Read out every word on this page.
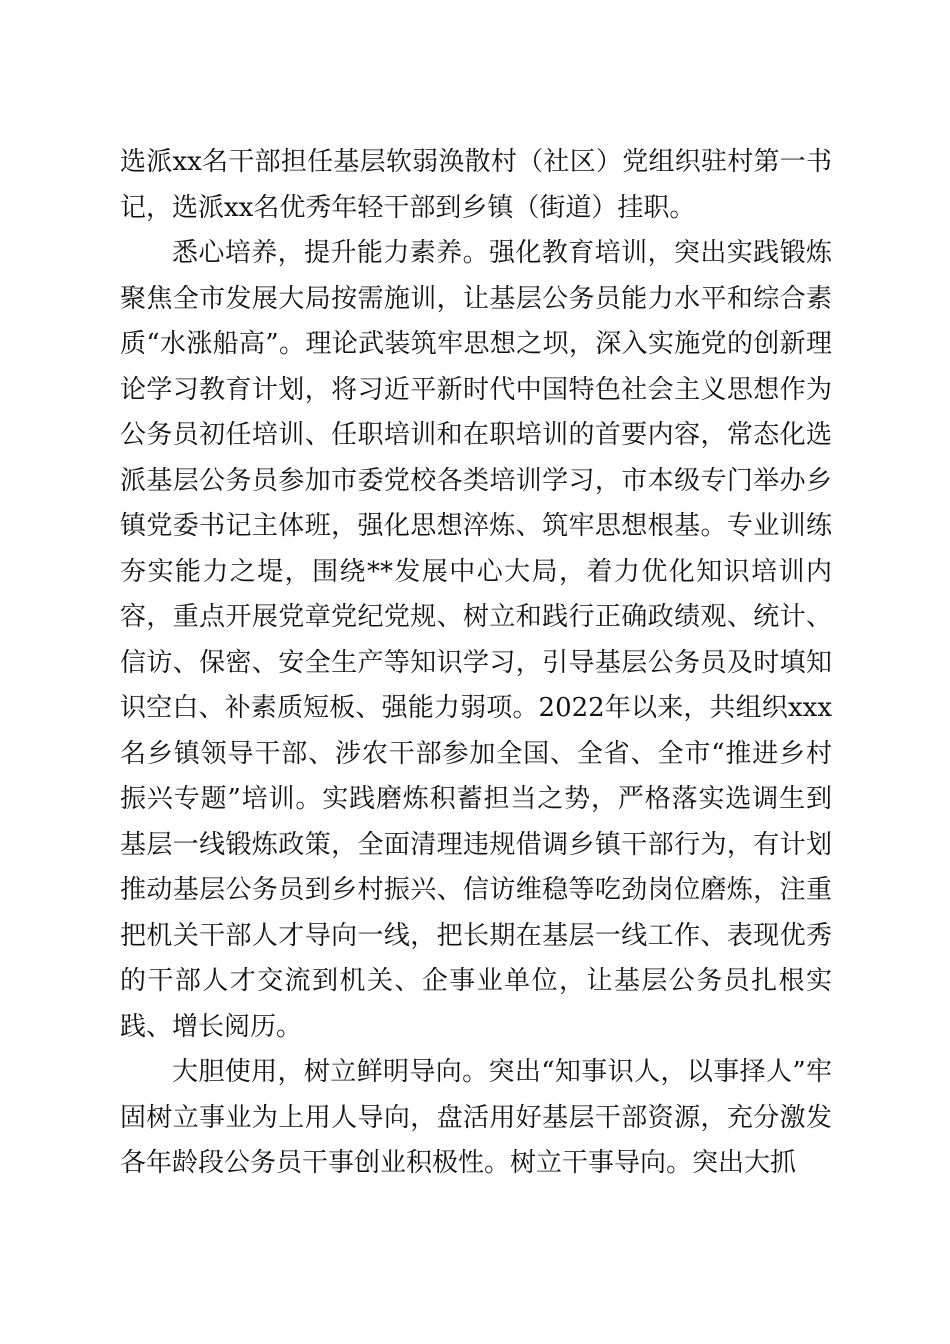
选派xx名干部担任基层软弱涣散村（社区）党组织驻村第一书记，选派xx名优秀年轻干部到乡镇（街道）挂职。

悉心培养，提升能力素养。强化教育培训，突出实践锻炼聚焦全市发展大局按需施训，让基层公务员能力水平和综合素质“水涨船高”。理论武装筑牢思想之坝，深入实施党的创新理论学习教育计划，将习近平新时代中国特色社会主义思想作为公务员初任培训、任职培训和在职培训的首要内容，常态化选派基层公务员参加市委党校各类培训学习，市本级专门举办乡镇党委书记主体班，强化思想淬炼、筑牢思想根基。专业训练夯实能力之堤，围绕**发展中心大局，着力优化知识培训内容，重点开展党章党纪党规、树立和践行正确政绩观、统计、信访、保密、安全生产等知识学习，引导基层公务员及时填知识空白、补素质短板、强能力弱项。2022年以来，共组织xxx名乡镇领导干部、涉农干部参加全国、全省、全市“推进乡村振兴专题”培训。实践磨炼积蓄担当之势，严格落实选调生到基层一线锻炼政策，全面清理违规借调乡镇干部行为，有计划推动基层公务员到乡村振兴、信访维稳等吃劲岗位磨炼，注重把机关干部人才导向一线，把长期在基层一线工作、表现优秀的干部人才交流到机关、企事业单位，让基层公务员扎根实践、增长阅历。

大胆使用，树立鲜明导向。突出“知事识人，以事择人”牢固树立事业为上用人导向，盘活用好基层干部资源，充分激发各年龄段公务员干事创业积极性。树立干事导向。突出大抓
